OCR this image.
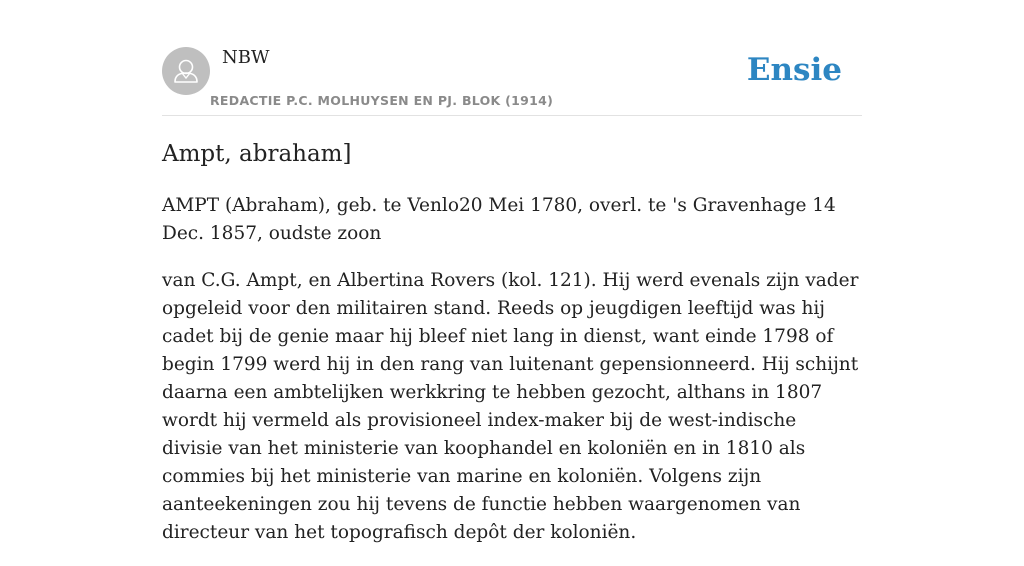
NBW
REDACTIE P.C. MOLHUYSEN EN PJ. BLOK (1914)
Ensie
Ampt, abraham]

AMPT (Abraham), geb. te Venlo20 Mei 1780, overl. te 's Gravenhage 14 Dec. 1857, oudste zoon

van C.G. Ampt, en Albertina Rovers (kol. 121). Hij werd evenals zijn vader opgeleid voor den militairen stand. Reeds op jeugdigen leeftijd was hij cadet bij de genie maar hij bleef niet lang in dienst, want einde 1798 of begin 1799 werd hij in den rang van luitenant gepensionneerd. Hij schijnt daarna een ambtelijken werkkring te hebben gezocht, althans in 1807 wordt hij vermeld als provisioneel index-maker bij de west-indische divisie van het ministerie van koophandel en koloniën en in 1810 als commies bij het ministerie van marine en koloniën. Volgens zijn aanteekeningen zou hij tevens de functie hebben waargenomen van directeur van het topografisch depôt der koloniën.
